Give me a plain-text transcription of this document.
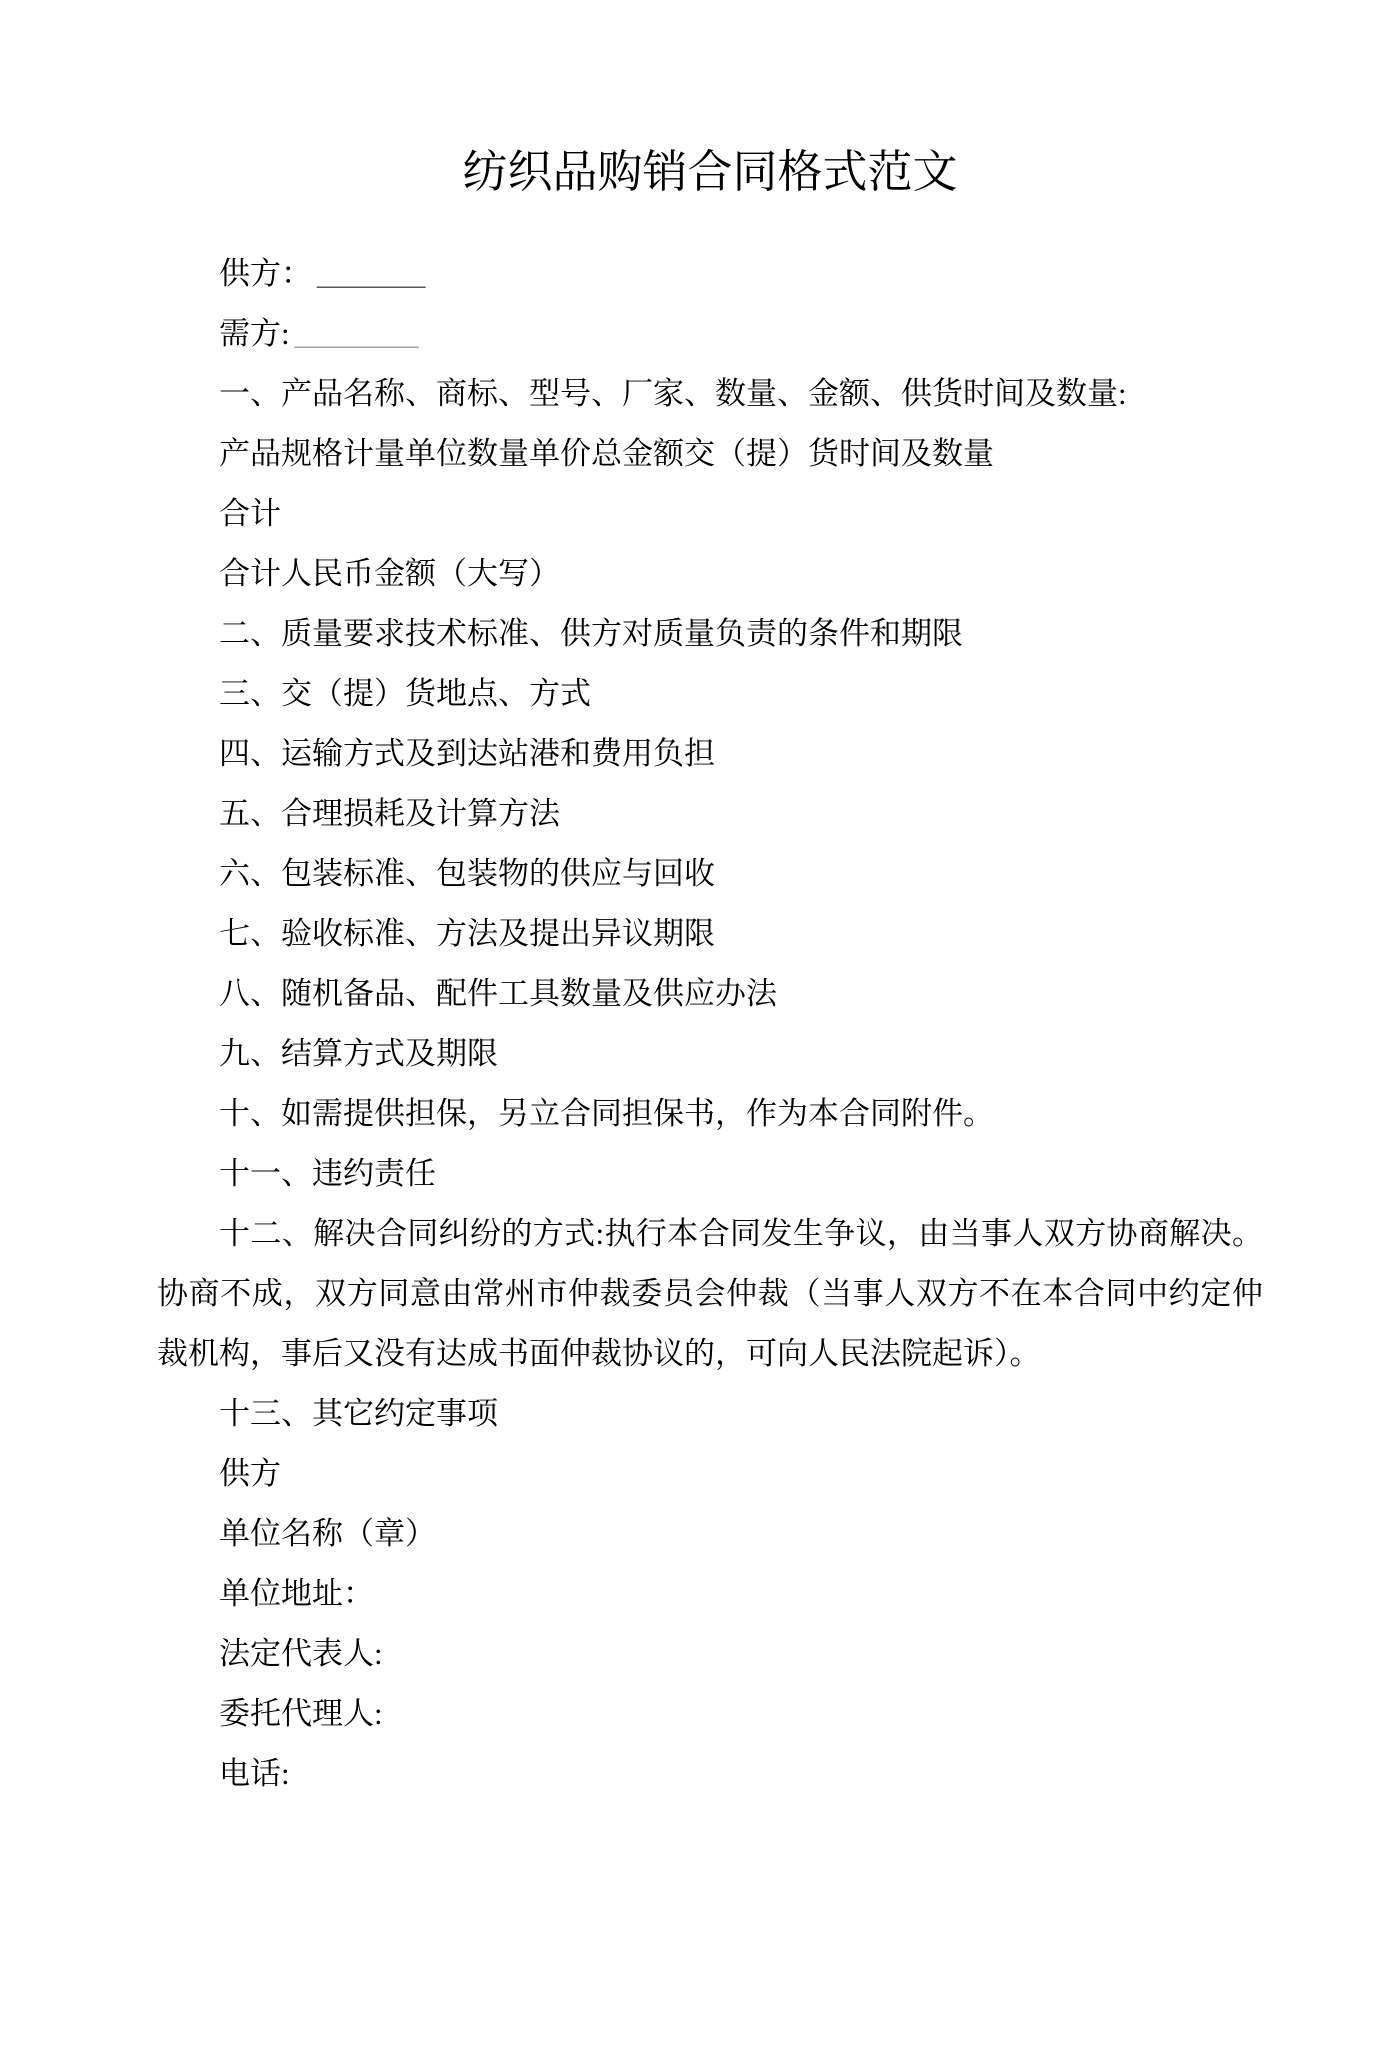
纺织品购销合同格式范文

供方： _______

需方: ________

一、产品名称、商标、型号、厂家、数量、金额、供货时间及数量:

产品规格计量单位数量单价总金额交（提）货时间及数量

合计

合计人民币金额（大写）

二、质量要求技术标准、供方对质量负责的条件和期限

三、交（提）货地点、方式

四、运输方式及到达站港和费用负担

五、合理损耗及计算方法

六、包装标准、包装物的供应与回收

七、验收标准、方法及提出异议期限

八、随机备品、配件工具数量及供应办法

九、结算方式及期限

十、如需提供担保，另立合同担保书，作为本合同附件。

十一、违约责任

十二、解决合同纠纷的方式:执行本合同发生争议，由当事人双方协商解决。协商不成，双方同意由常州市仲裁委员会仲裁（当事人双方不在本合同中约定仲裁机构，事后又没有达成书面仲裁协议的，可向人民法院起诉）。

十三、其它约定事项

供方

单位名称（章）

单位地址：

法定代表人:

委托代理人:

电话:
